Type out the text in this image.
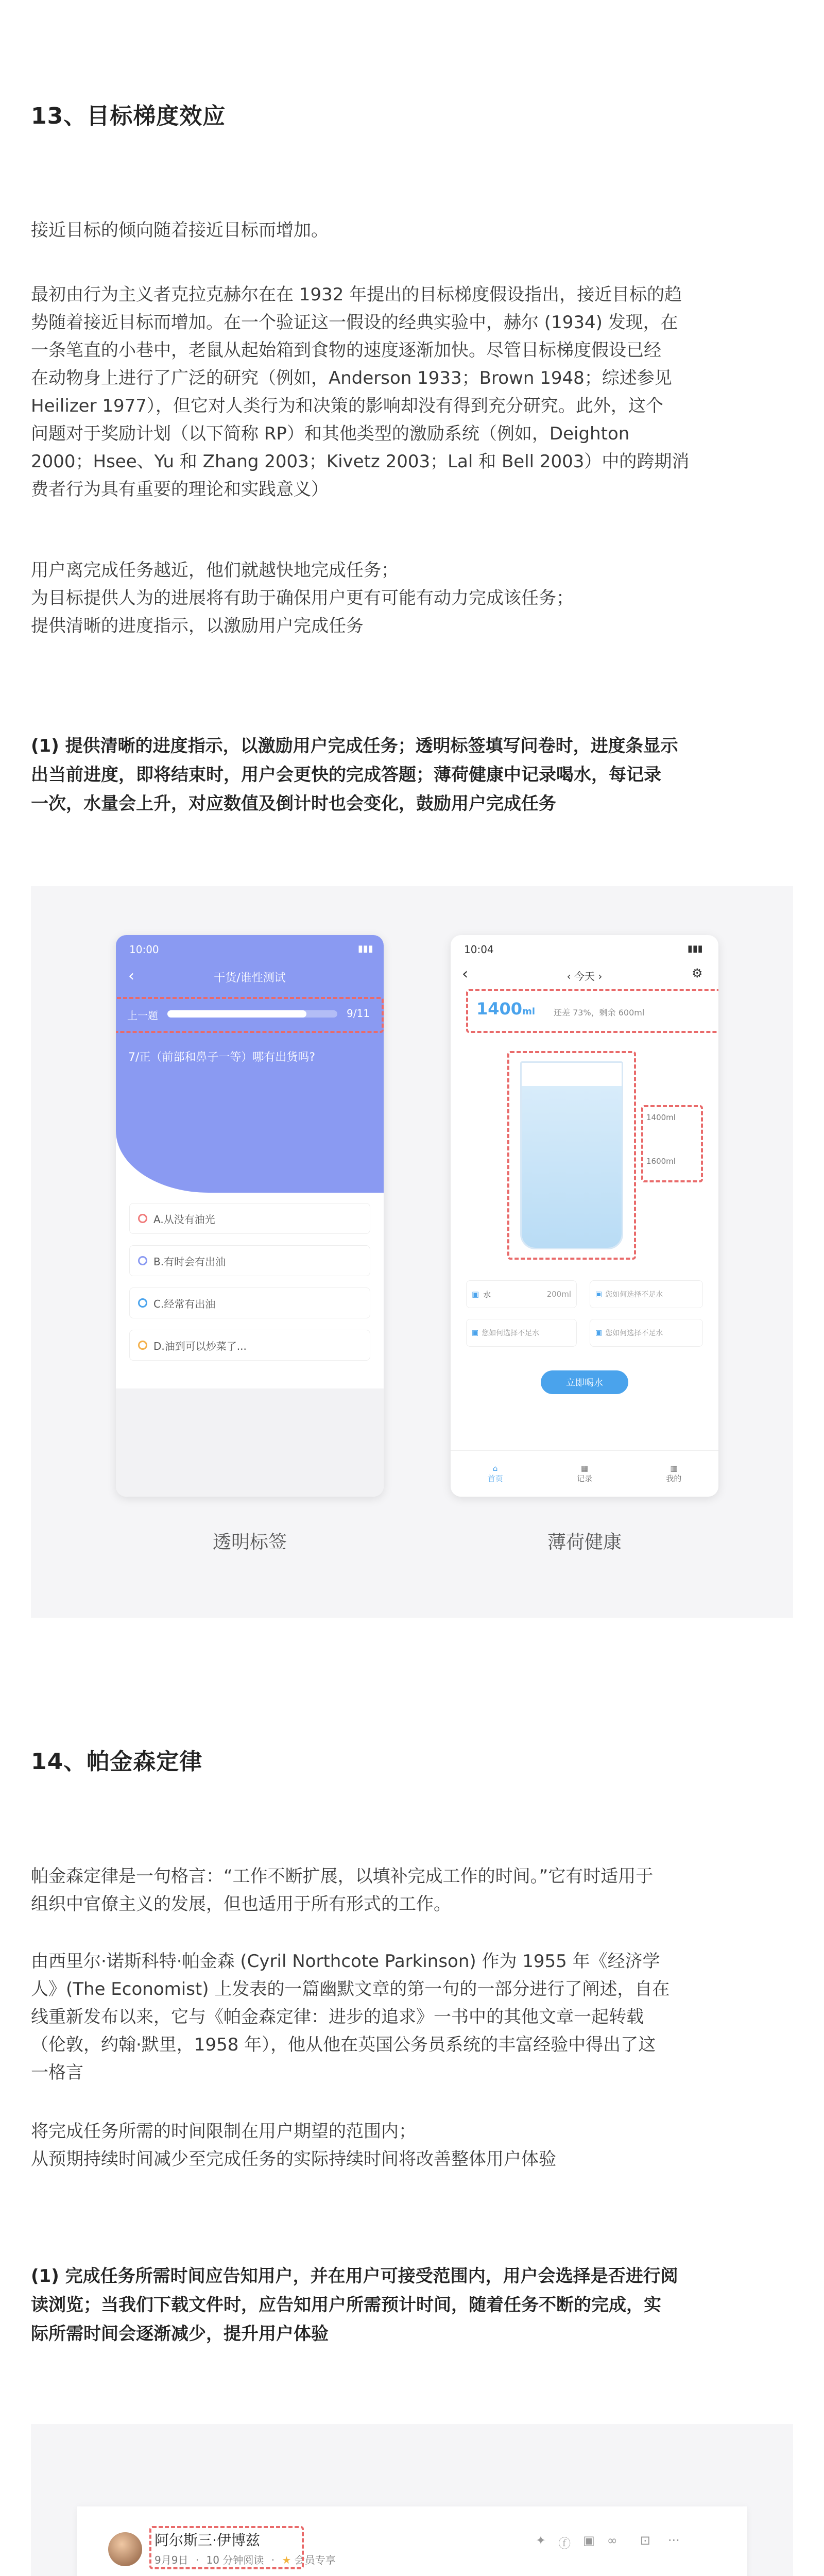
13、目标梯度效应
接近目标的倾向随着接近目标而增加。
最初由行为主义者克拉克赫尔在在 1932 年提出的目标梯度假设指出，接近目标的趋
势随着接近目标而增加。在一个验证这一假设的经典实验中，赫尔 (1934) 发现，在
一条笔直的小巷中，老鼠从起始箱到食物的速度逐渐加快。尽管目标梯度假设已经
在动物身上进行了广泛的研究（例如，Anderson 1933；Brown 1948；综述参见
Heilizer 1977），但它对人类行为和决策的影响却没有得到充分研究。此外，这个
问题对于奖励计划（以下简称 RP）和其他类型的激励系统（例如，Deighton
2000；Hsee、Yu 和 Zhang 2003；Kivetz 2003；Lal 和 Bell 2003）中的跨期消
费者行为具有重要的理论和实践意义）
用户离完成任务越近，他们就越快地完成任务；
为目标提供人为的进展将有助于确保用户更有可能有动力完成该任务；
提供清晰的进度指示，以激励用户完成任务
(1) 提供清晰的进度指示，以激励用户完成任务；透明标签填写问卷时，进度条显示
出当前进度，即将结束时，用户会更快的完成答题；薄荷健康中记录喝水，每记录
一次，水量会上升，对应数值及倒计时也会变化，鼓励用户完成任务
10:00	▮▮▮
‹	干货/谁性测试
上一题	9/11
7/正（前部和鼻子一等）哪有出货吗?
A.从没有油光
B.有时会有出油
C.经常有出油
D.油到可以炒菜了...
10:04	▮▮▮
‹	‹ 今天 ›	⚙
1400ml 还差 73%，剩余 600ml
1400ml
1600ml
▣ 水	200ml	▣ 您如何选择不足水
▣ 您如何选择不足水	▣ 您如何选择不足水
立即喝水
⌂
首页
▦
记录
▥
我的
透明标签	薄荷健康
14、帕金森定律
帕金森定律是一句格言：“工作不断扩展，以填补完成工作的时间。”它有时适用于
组织中官僚主义的发展，但也适用于所有形式的工作。
由西里尔·诺斯科特·帕金森 (Cyril Northcote Parkinson) 作为 1955 年《经济学
人》(The Economist) 上发表的一篇幽默文章的第一句的一部分进行了阐述，自在
线重新发布以来，它与《帕金森定律：进步的追求》一书中的其他文章一起转载
（伦敦，约翰·默里，1958 年），他从他在英国公务员系统的丰富经验中得出了这
一格言
将完成任务所需的时间限制在用户期望的范围内；
从预期持续时间减少至完成任务的实际持续时间将改善整体用户体验
(1) 完成任务所需时间应告知用户，并在用户可接受范围内，用户会选择是否进行阅
读浏览；当我们下载文件时，应告知用户所需预计时间，随着任务不断的完成，实
际所需时间会逐渐减少，提升用户体验
阿尔斯三·伊博兹
9月9日 · 10 分钟阅读 · ★ 会员专享
✦ ⓕ ▣ ∞ ⊡ ···
